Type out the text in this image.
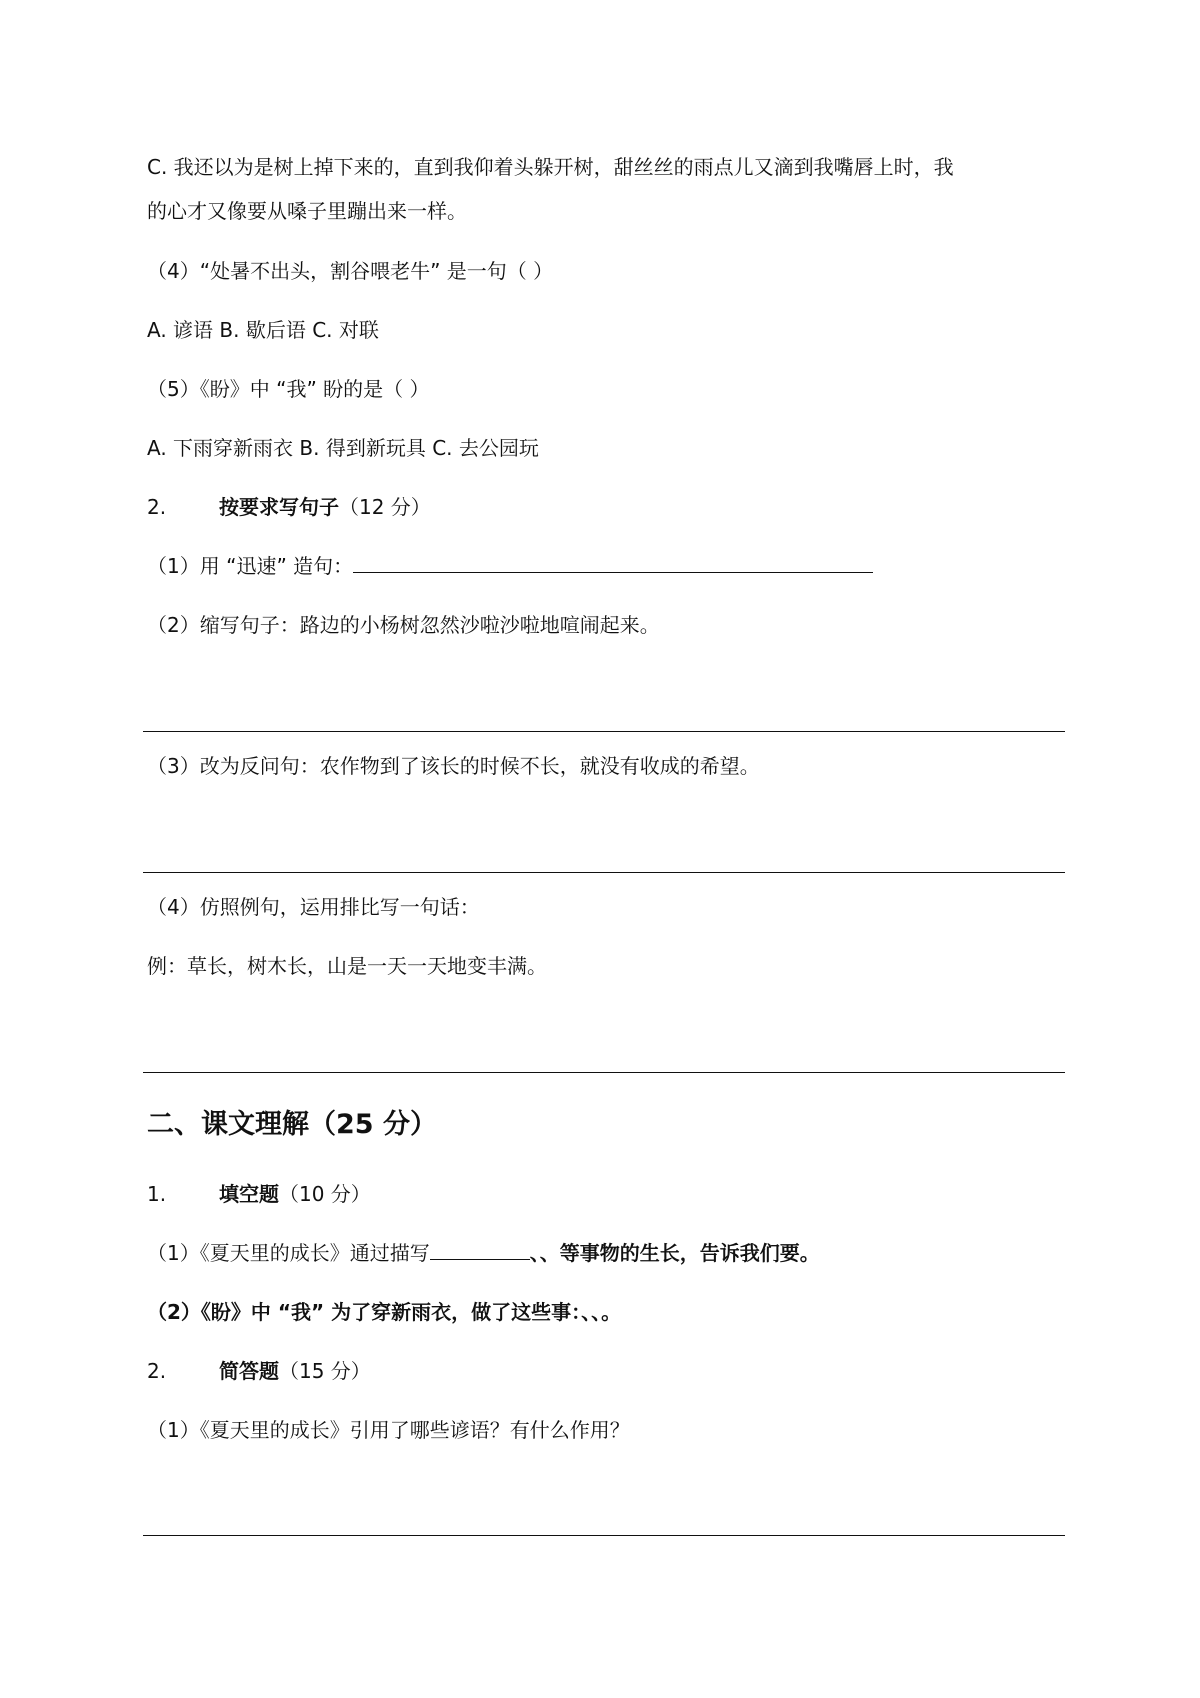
C. 我还以为是树上掉下来的，直到我仰着头躲开树，甜丝丝的雨点儿又滴到我嘴唇上时，我

的心才又像要从嗓子里蹦出来一样。

（4）“处暑不出头，割谷喂老牛” 是一句（ ）

A. 谚语 B. 歇后语 C. 对联

（5）《盼》中 “我” 盼的是（ ）

A. 下雨穿新雨衣 B. 得到新玩具 C. 去公园玩

2.	按要求写句子（12 分）

（1）用 “迅速” 造句：

（2）缩写句子：路边的小杨树忽然沙啦沙啦地喧闹起来。

（3）改为反问句：农作物到了该长的时候不长，就没有收成的希望。

（4）仿照例句，运用排比写一句话：

例：草长，树木长，山是一天一天地变丰满。

二、课文理解（25 分）

1.	填空题（10 分）

（1）《夏天里的成长》通过描写	、、等事物的生长，告诉我们要。

（2）《盼》中 “我” 为了穿新雨衣，做了这些事：、、。

2.	简答题（15 分）

（1）《夏天里的成长》引用了哪些谚语？有什么作用？
